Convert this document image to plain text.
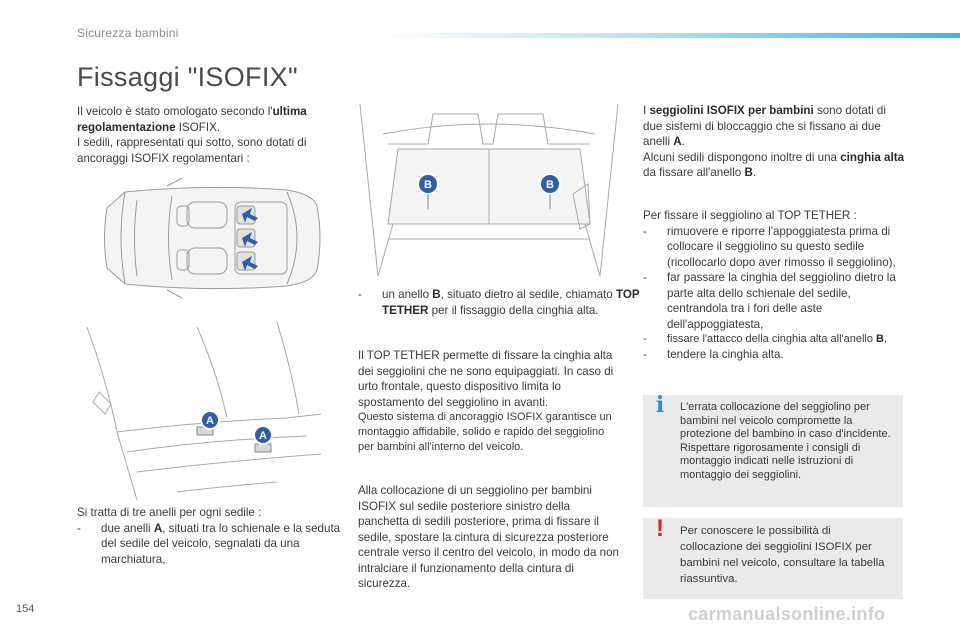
Sicurezza bambini
Fissaggi "ISOFIX"
Il veicolo è stato omologato secondo l'ultima regolamentazione ISOFIX.
I sedili, rappresentati qui sotto, sono dotati di ancoraggi ISOFIX regolamentari :
A
A
Si tratta di tre anelli per ogni sedile :
- due anelli A, situati tra lo schienale e la seduta del sedile del veicolo, segnalati da una marchiatura,
B	B
- un anello B, situato dietro al sedile, chiamato TOP TETHER per il fissaggio della cinghia alta.
Il TOP TETHER permette di fissare la cinghia alta dei seggiolini che ne sono equipaggiati. In caso di urto frontale, questo dispositivo limita lo spostamento del seggiolino in avanti.
Questo sistema di ancoraggio ISOFIX garantisce un montaggio affidabile, solido e rapido del seggiolino per bambini all'interno del veicolo.
Alla collocazione di un seggiolino per bambini ISOFIX sul sedile posteriore sinistro della panchetta di sedili posteriore, prima di fissare il sedile, spostare la cintura di sicurezza posteriore centrale verso il centro del veicolo, in modo da non intralciare il funzionamento della cintura di sicurezza.
I seggiolini ISOFIX per bambini sono dotati di due sistemi di bloccaggio che si fissano ai due anelli A.
Alcuni sedili dispongono inoltre di una cinghia alta da fissare all'anello B.
Per fissare il seggiolino al TOP TETHER :
- rimuovere e riporre l'appoggiatesta prima di collocare il seggiolino su questo sedile (ricollocarlo dopo aver rimosso il seggiolino),
- far passare la cinghia del seggiolino dietro la parte alta dello schienale del sedile, centrandola tra i fori delle aste dell'appoggiatesta,
- fissare l'attacco della cinghia alta all'anello B,
- tendere la cinghia alta.
i	L'errata collocazione del seggiolino per bambini nel veicolo compromette la protezione del bambino in caso d'incidente.
Rispettare rigorosamente i consigli di montaggio indicati nelle istruzioni di montaggio dei seggiolini.
!	Per conoscere le possibilità di collocazione dei seggiolini ISOFIX per bambini nel veicolo, consultare la tabella riassuntiva.
154	carmanualsonline.info
